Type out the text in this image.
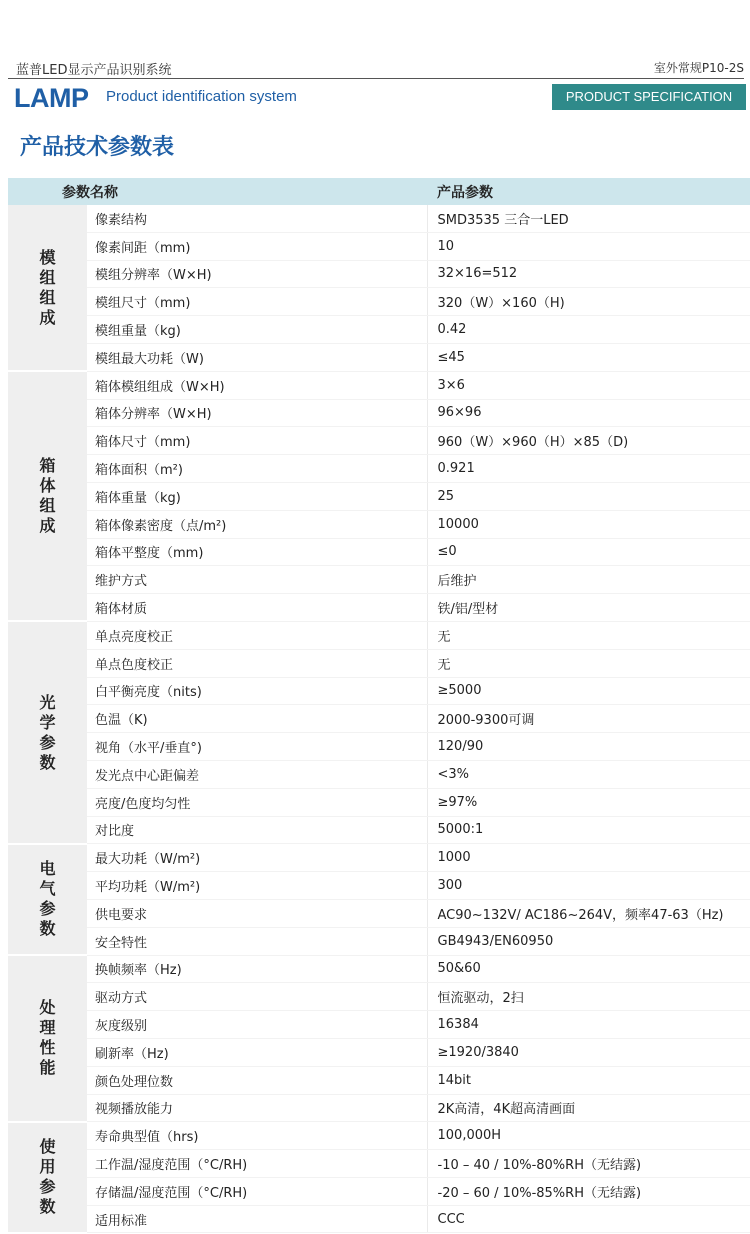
蓝普LED显示产品识别系统	室外常规P10-2S
LAMP Product identification system	PRODUCT SPECIFICATION
产品技术参数表
参数名称		产品参数
模组组成	像素结构	SMD3535 三合一LED
	像素间距（mm)	10
	模组分辨率（W×H)	32×16=512
	模组尺寸（mm)	320（W）×160（H)
	模组重量（kg)	0.42
	模组最大功耗（W)	≤45
箱体组成	箱体模组组成（W×H)	3×6
	箱体分辨率（W×H)	96×96
	箱体尺寸（mm)	960（W）×960（H）×85（D)
	箱体面积（m²)	0.921
	箱体重量（kg)	25
	箱体像素密度（点/m²)	10000
	箱体平整度（mm)	≤0
	维护方式	后维护
	箱体材质	铁/铝/型材
光学参数	单点亮度校正	无
	单点色度校正	无
	白平衡亮度（nits)	≥5000
	色温（K)	2000-9300可调
	视角（水平/垂直°)	120/90
	发光点中心距偏差	<3%
	亮度/色度均匀性	≥97%
	对比度	5000:1
电气参数	最大功耗（W/m²)	1000
	平均功耗（W/m²)	300
	供电要求	AC90~132V/ AC186~264V，频率47-63（Hz)
	安全特性	GB4943/EN60950
处理性能	换帧频率（Hz)	50&60
	驱动方式	恒流驱动，2扫
	灰度级别	16384
	刷新率（Hz)	≥1920/3840
	颜色处理位数	14bit
	视频播放能力	2K高清，4K超高清画面
使用参数	寿命典型值（hrs)	100,000H
	工作温/湿度范围（°C/RH)	-10 – 40 / 10%-80%RH（无结露)
	存储温/湿度范围（°C/RH)	-20 – 60 / 10%-85%RH（无结露)
	适用标准	CCC
